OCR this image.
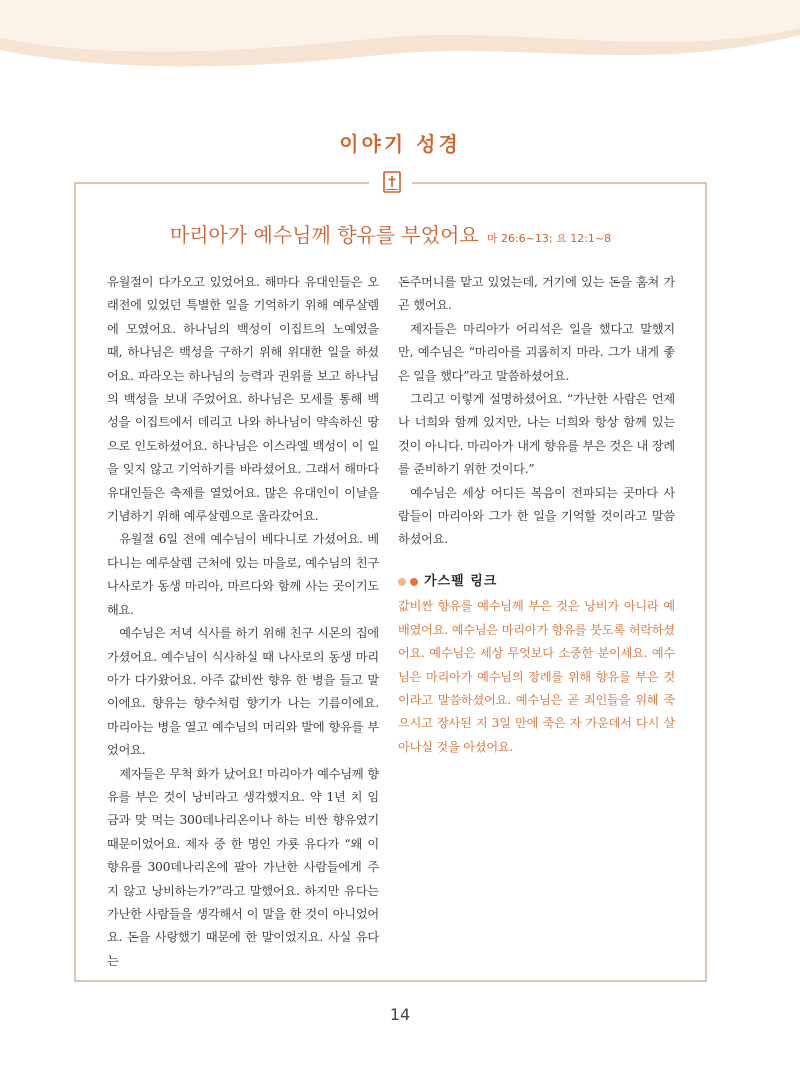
이야기 성경
마리아가 예수님께 향유를 부었어요 마 26:6~13; 요 12:1~8

유월절이 다가오고 있었어요. 해마다 유대인들은 오래전에 있었던 특별한 일을 기억하기 위해 예루살렘에 모였어요. 하나님의 백성이 이집트의 노예였을 때, 하나님은 백성을 구하기 위해 위대한 일을 하셨어요. 파라오는 하나님의 능력과 권위를 보고 하나님의 백성을 보내 주었어요. 하나님은 모세를 통해 백성을 이집트에서 데리고 나와 하나님이 약속하신 땅으로 인도하셨어요. 하나님은 이스라엘 백성이 이 일을 잊지 않고 기억하기를 바라셨어요. 그래서 해마다 유대인들은 축제를 열었어요. 많은 유대인이 이날을 기념하기 위해 예루살렘으로 올라갔어요.

유월절 6일 전에 예수님이 베다니로 가셨어요. 베다니는 예루살렘 근처에 있는 마을로, 예수님의 친구 나사로가 동생 마리아, 마르다와 함께 사는 곳이기도 해요.

예수님은 저녁 식사를 하기 위해 친구 시몬의 집에 가셨어요. 예수님이 식사하실 때 나사로의 동생 마리아가 다가왔어요. 아주 값비싼 향유 한 병을 들고 말이에요. 향유는 향수처럼 향기가 나는 기름이에요. 마리아는 병을 열고 예수님의 머리와 발에 향유를 부었어요.

제자들은 무척 화가 났어요! 마리아가 예수님께 향유를 부은 것이 낭비라고 생각했지요. 약 1년 치 임금과 맞 먹는 300데나리온이나 하는 비싼 향유였기 때문이었어요. 제자 중 한 명인 가룟 유다가 “왜 이 향유를 300데나리온에 팔아 가난한 사람들에게 주지 않고 낭비하는가?”라고 말했어요. 하지만 유다는 가난한 사람들을 생각해서 이 말을 한 것이 아니었어요. 돈을 사랑했기 때문에 한 말이었지요. 사실 유다는

돈주머니를 맡고 있었는데, 거기에 있는 돈을 훔쳐 가곤 했어요.

제자들은 마리아가 어리석은 일을 했다고 말했지만, 예수님은 “마리아를 괴롭히지 마라. 그가 내게 좋은 일을 했다”라고 말씀하셨어요.

그리고 이렇게 설명하셨어요. “가난한 사람은 언제나 너희와 함께 있지만, 나는 너희와 항상 함께 있는 것이 아니다. 마리아가 내게 향유를 부은 것은 내 장례를 준비하기 위한 것이다.”

예수님은 세상 어디든 복음이 전파되는 곳마다 사람들이 마리아와 그가 한 일을 기억할 것이라고 말씀하셨어요.

가스펠 링크

값비싼 향유를 예수님께 부은 것은 낭비가 아니라 예배였어요. 예수님은 마리아가 향유를 붓도록 허락하셨어요. 예수님은 세상 무엇보다 소중한 분이세요. 예수님은 마리아가 예수님의 장례를 위해 향유를 부은 것이라고 말씀하셨어요. 예수님은 곧 죄인들을 위해 죽으시고 장사된 지 3일 만에 죽은 자 가운데서 다시 살아나실 것을 아셨어요.

14
